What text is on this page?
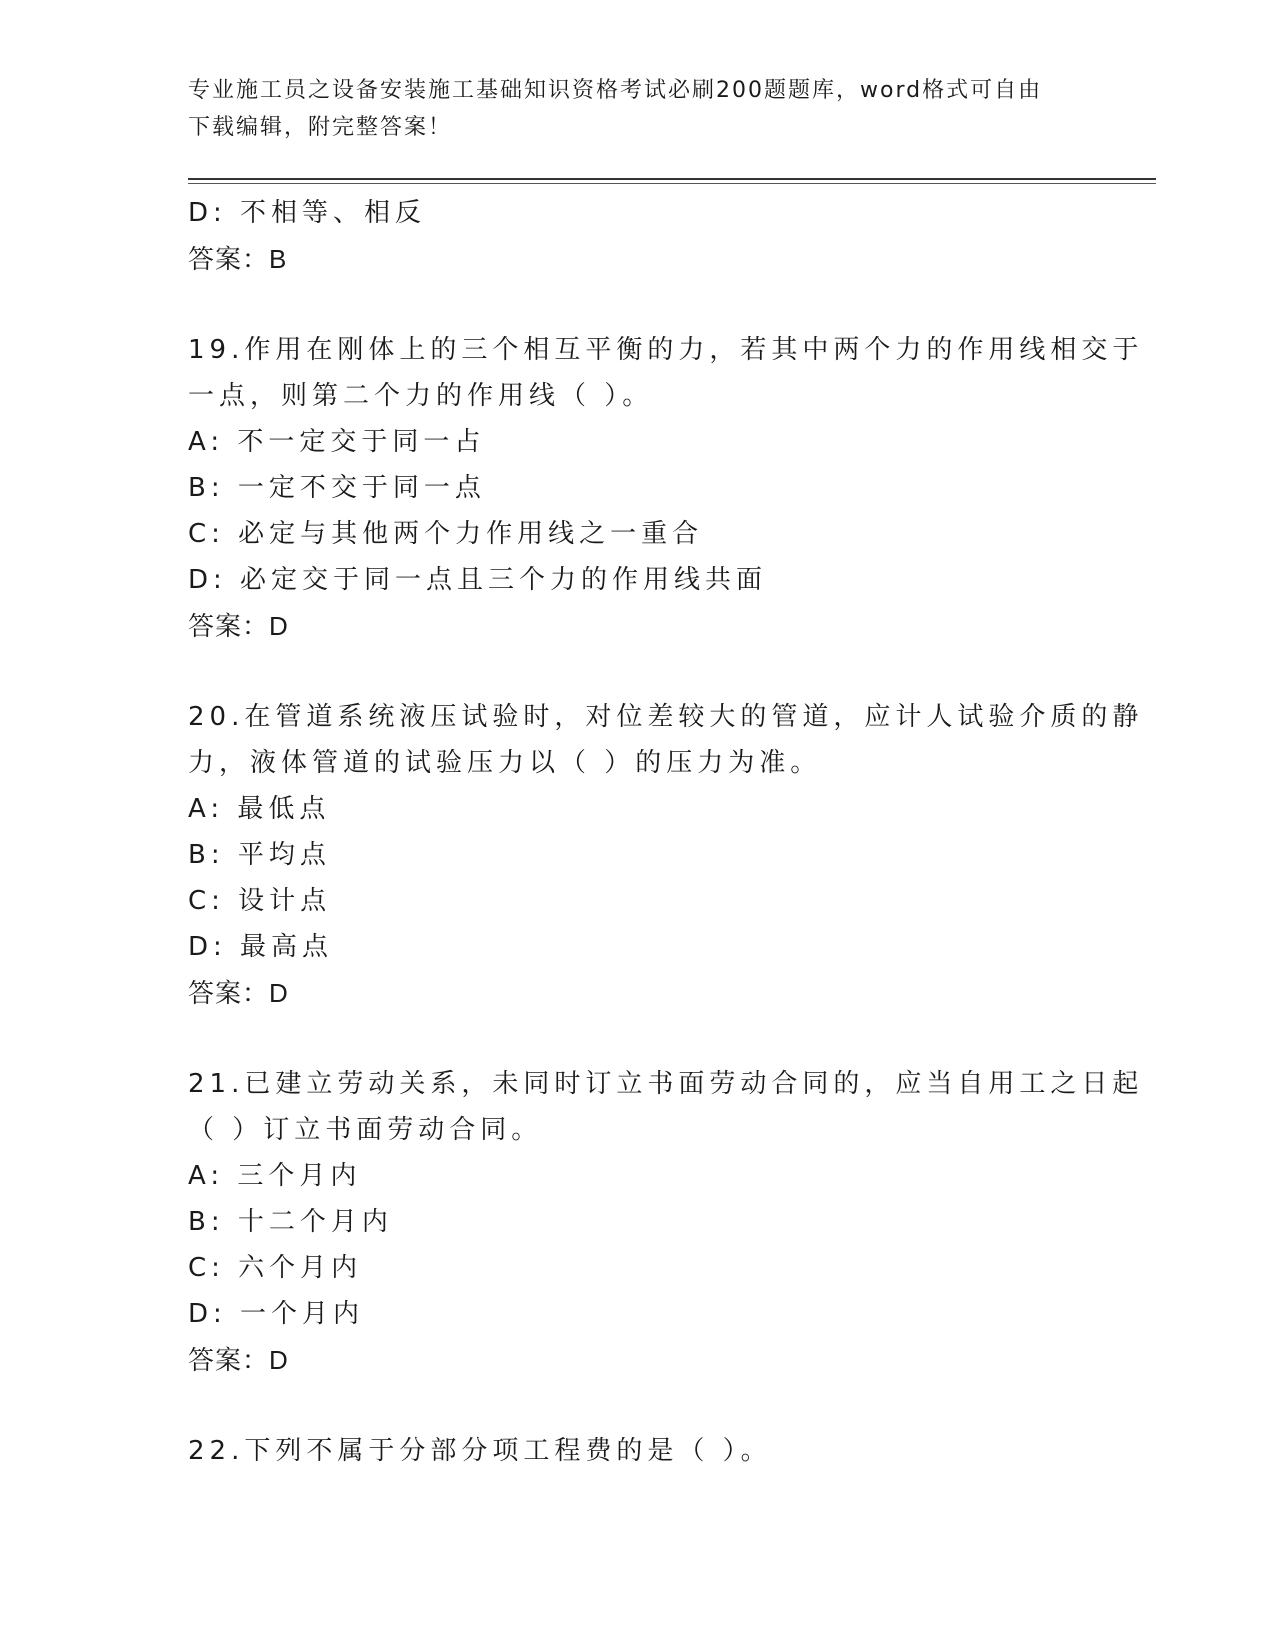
专业施工员之设备安装施工基础知识资格考试必刷200题题库，word格式可自由
下载编辑，附完整答案！
D: 不相等、相反
答案：B
19.作用在刚体上的三个相互平衡的力，若其中两个力的作用线相交于
一点，则第二个力的作用线（ ）。
A: 不一定交于同一占
B: 一定不交于同一点
C: 必定与其他两个力作用线之一重合
D: 必定交于同一点且三个力的作用线共面
答案：D
20.在管道系统液压试验时，对位差较大的管道，应计人试验介质的静
力，液体管道的试验压力以（ ）的压力为准。
A: 最低点
B: 平均点
C: 设计点
D: 最高点
答案：D
21.已建立劳动关系，未同时订立书面劳动合同的，应当自用工之日起
（ ）订立书面劳动合同。
A: 三个月内
B: 十二个月内
C: 六个月内
D: 一个月内
答案：D
22.下列不属于分部分项工程费的是（ ）。
